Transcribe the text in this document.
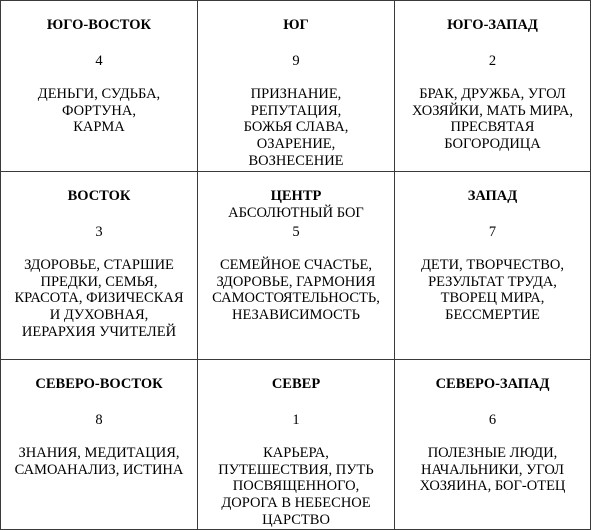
ЮГО-ВОСТОК
4
ДЕНЬГИ, СУДЬБА,
ФОРТУНА,
КАРМА
ЮГ
9
ПРИЗНАНИЕ,
РЕПУТАЦИЯ,
БОЖЬЯ СЛАВА,
ОЗАРЕНИЕ,
ВОЗНЕСЕНИЕ
ЮГО-ЗАПАД
2
БРАК, ДРУЖБА, УГОЛ
ХОЗЯЙКИ, МАТЬ МИРА,
ПРЕСВЯТАЯ
БОГОРОДИЦА
ВОСТОК
3
ЗДОРОВЬЕ, СТАРШИЕ
ПРЕДКИ, СЕМЬЯ,
КРАСОТА, ФИЗИЧЕСКАЯ
И ДУХОВНАЯ,
ИЕРАРХИЯ УЧИТЕЛЕЙ
ЦЕНТР
АБСОЛЮТНЫЙ БОГ
5
СЕМЕЙНОЕ СЧАСТЬЕ,
ЗДОРОВЬЕ, ГАРМОНИЯ
САМОСТОЯТЕЛЬНОСТЬ,
НЕЗАВИСИМОСТЬ
ЗАПАД
7
ДЕТИ, ТВОРЧЕСТВО,
РЕЗУЛЬТАТ ТРУДА,
ТВОРЕЦ МИРА,
БЕССМЕРТИЕ
СЕВЕРО-ВОСТОК
8
ЗНАНИЯ, МЕДИТАЦИЯ,
САМОАНАЛИЗ, ИСТИНА
СЕВЕР
1
КАРЬЕРА,
ПУТЕШЕСТВИЯ, ПУТЬ
ПОСВЯЩЕННОГО,
ДОРОГА В НЕБЕСНОЕ
ЦАРСТВО
СЕВЕРО-ЗАПАД
6
ПОЛЕЗНЫЕ ЛЮДИ,
НАЧАЛЬНИКИ, УГОЛ
ХОЗЯИНА, БОГ-ОТЕЦ
